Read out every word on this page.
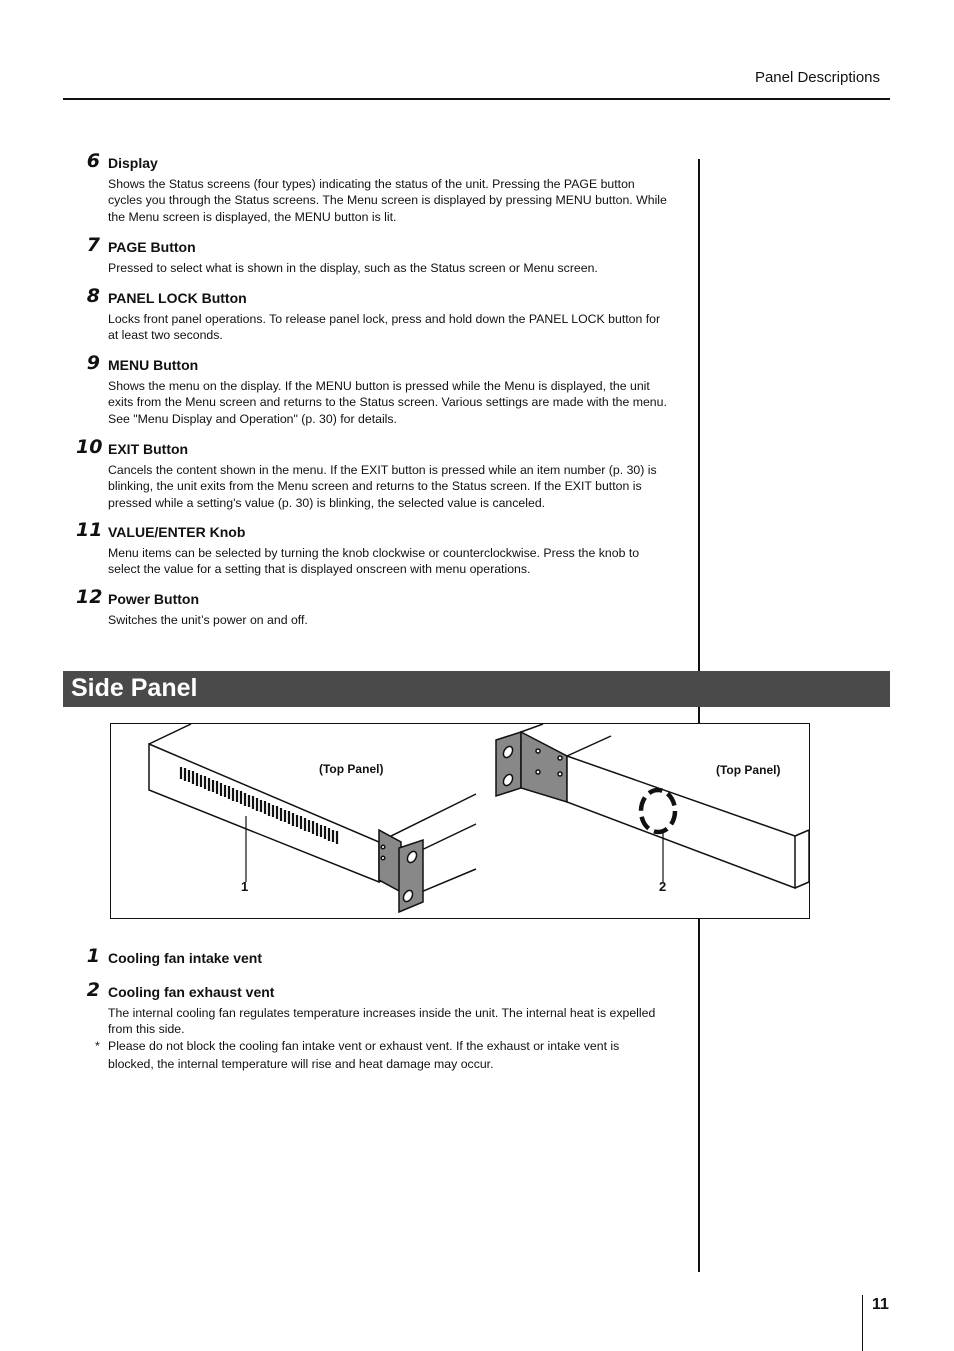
Panel Descriptions
6 Display
Shows the Status screens (four types) indicating the status of the unit. Pressing the PAGE button cycles you through the Status screens. The Menu screen is displayed by pressing MENU button. While the Menu screen is displayed, the MENU button is lit.
7 PAGE Button
Pressed to select what is shown in the display, such as the Status screen or Menu screen.
8 PANEL LOCK Button
Locks front panel operations. To release panel lock, press and hold down the PANEL LOCK button for at least two seconds.
9 MENU Button
Shows the menu on the display. If the MENU button is pressed while the Menu is displayed, the unit exits from the Menu screen and returns to the Status screen. Various settings are made with the menu. See "Menu Display and Operation" (p. 30) for details.
10 EXIT Button
Cancels the content shown in the menu. If the EXIT button is pressed while an item number (p. 30) is blinking, the unit exits from the Menu screen and returns to the Status screen. If the EXIT button is pressed while a setting's value (p. 30) is blinking, the selected value is canceled.
11 VALUE/ENTER Knob
Menu items can be selected by turning the knob clockwise or counterclockwise. Press the knob to select the value for a setting that is displayed onscreen with menu operations.
12 Power Button
Switches the unit’s power on and off.
Side Panel
(Top Panel)	(Top Panel)
1	2
1 Cooling fan intake vent
2 Cooling fan exhaust vent
The internal cooling fan regulates temperature increases inside the unit. The internal heat is expelled from this side.
* Please do not block the cooling fan intake vent or exhaust vent. If the exhaust or intake vent is blocked, the internal temperature will rise and heat damage may occur.
11
